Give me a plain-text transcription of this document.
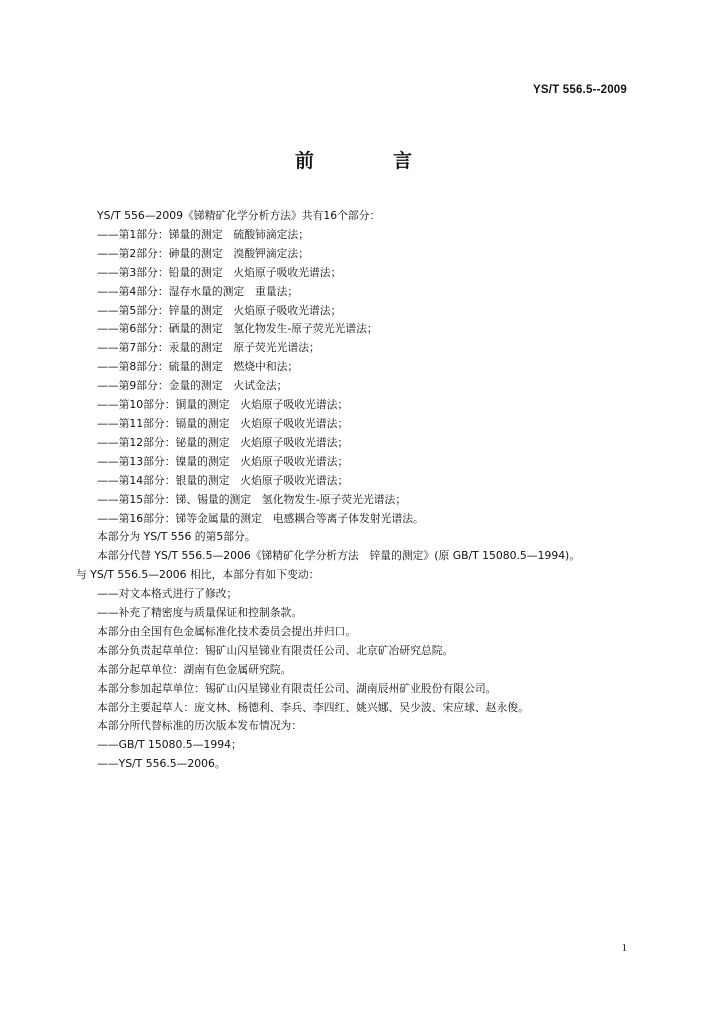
YS/T 556.5--2009
前　言
YS/T 556—2009《锑精矿化学分析方法》共有16个部分：
——第1部分：锑量的测定　硫酸铈滴定法；
——第2部分：砷量的测定　溴酸钾滴定法；
——第3部分：铅量的测定　火焰原子吸收光谱法；
——第4部分：湿存水量的测定　重量法；
——第5部分：锌量的测定　火焰原子吸收光谱法；
——第6部分：硒量的测定　氢化物发生-原子荧光光谱法；
——第7部分：汞量的测定　原子荧光光谱法；
——第8部分：硫量的测定　燃烧中和法；
——第9部分：金量的测定　火试金法；
——第10部分：铜量的测定　火焰原子吸收光谱法；
——第11部分：镉量的测定　火焰原子吸收光谱法；
——第12部分：铋量的测定　火焰原子吸收光谱法；
——第13部分：镍量的测定　火焰原子吸收光谱法；
——第14部分：银量的测定　火焰原子吸收光谱法；
——第15部分：锑、锡量的测定　氢化物发生-原子荧光光谱法；
——第16部分：锑等金属量的测定　电感耦合等离子体发射光谱法。
本部分为 YS/T 556 的第5部分。
本部分代替 YS/T 556.5—2006《锑精矿化学分析方法　锌量的测定》(原 GB/T 15080.5—1994)。
与 YS/T 556.5—2006 相比，本部分有如下变动：
——对文本格式进行了修改；
——补充了精密度与质量保证和控制条款。
本部分由全国有色金属标准化技术委员会提出并归口。
本部分负责起草单位：锡矿山闪星锑业有限责任公司、北京矿冶研究总院。
本部分起草单位：湖南有色金属研究院。
本部分参加起草单位：锡矿山闪星锑业有限责任公司、湖南辰州矿业股份有限公司。
本部分主要起草人：庞文林、杨德利、李兵、李四红、姚兴娜、吴少波、宋应球、赵永俊。
本部分所代替标准的历次版本发布情况为：
——GB/T 15080.5—1994；
——YS/T 556.5—2006。
1
